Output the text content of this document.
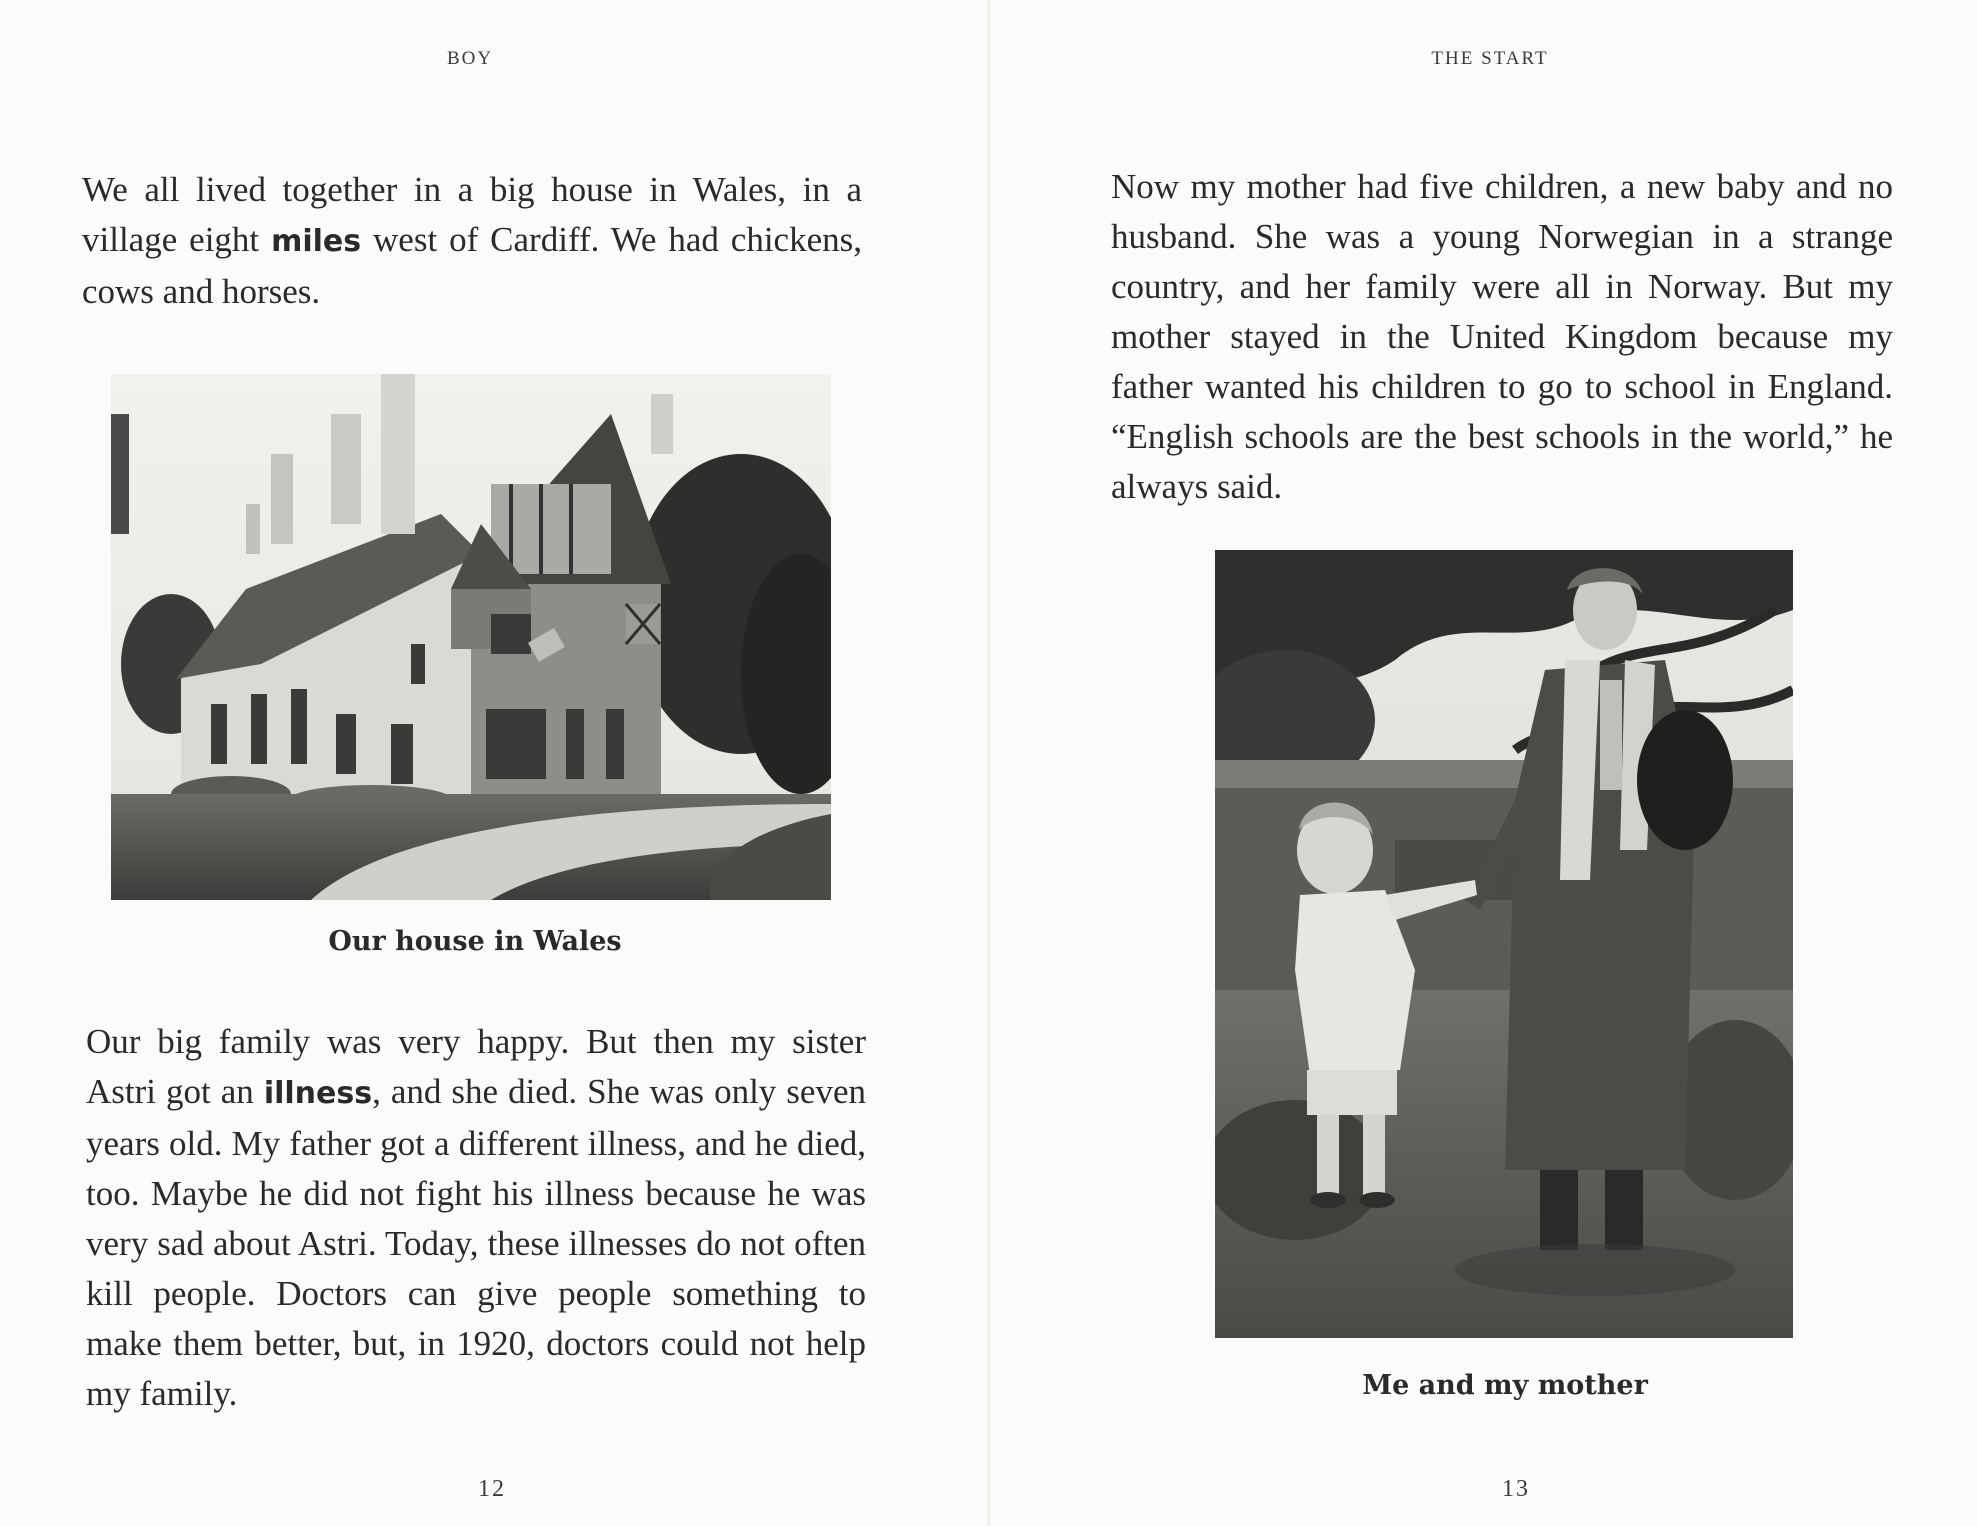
BOY

We all lived together in a big house in Wales, in a village eight miles west of Cardiff. We had chickens, cows and horses.

Our house in Wales

Our big family was very happy. But then my sister Astri got an illness, and she died. She was only seven years old. My father got a different illness, and he died, too. Maybe he did not fight his illness because he was very sad about Astri. Today, these illnesses do not often kill people. Doctors can give people something to make them better, but, in 1920, doctors could not help my family.

12
THE START

Now my mother had five children, a new baby and no husband. She was a young Norwegian in a strange country, and her family were all in Norway. But my mother stayed in the United Kingdom because my father wanted his children to go to school in England. “English schools are the best schools in the world,” he always said.

Me and my mother
13
